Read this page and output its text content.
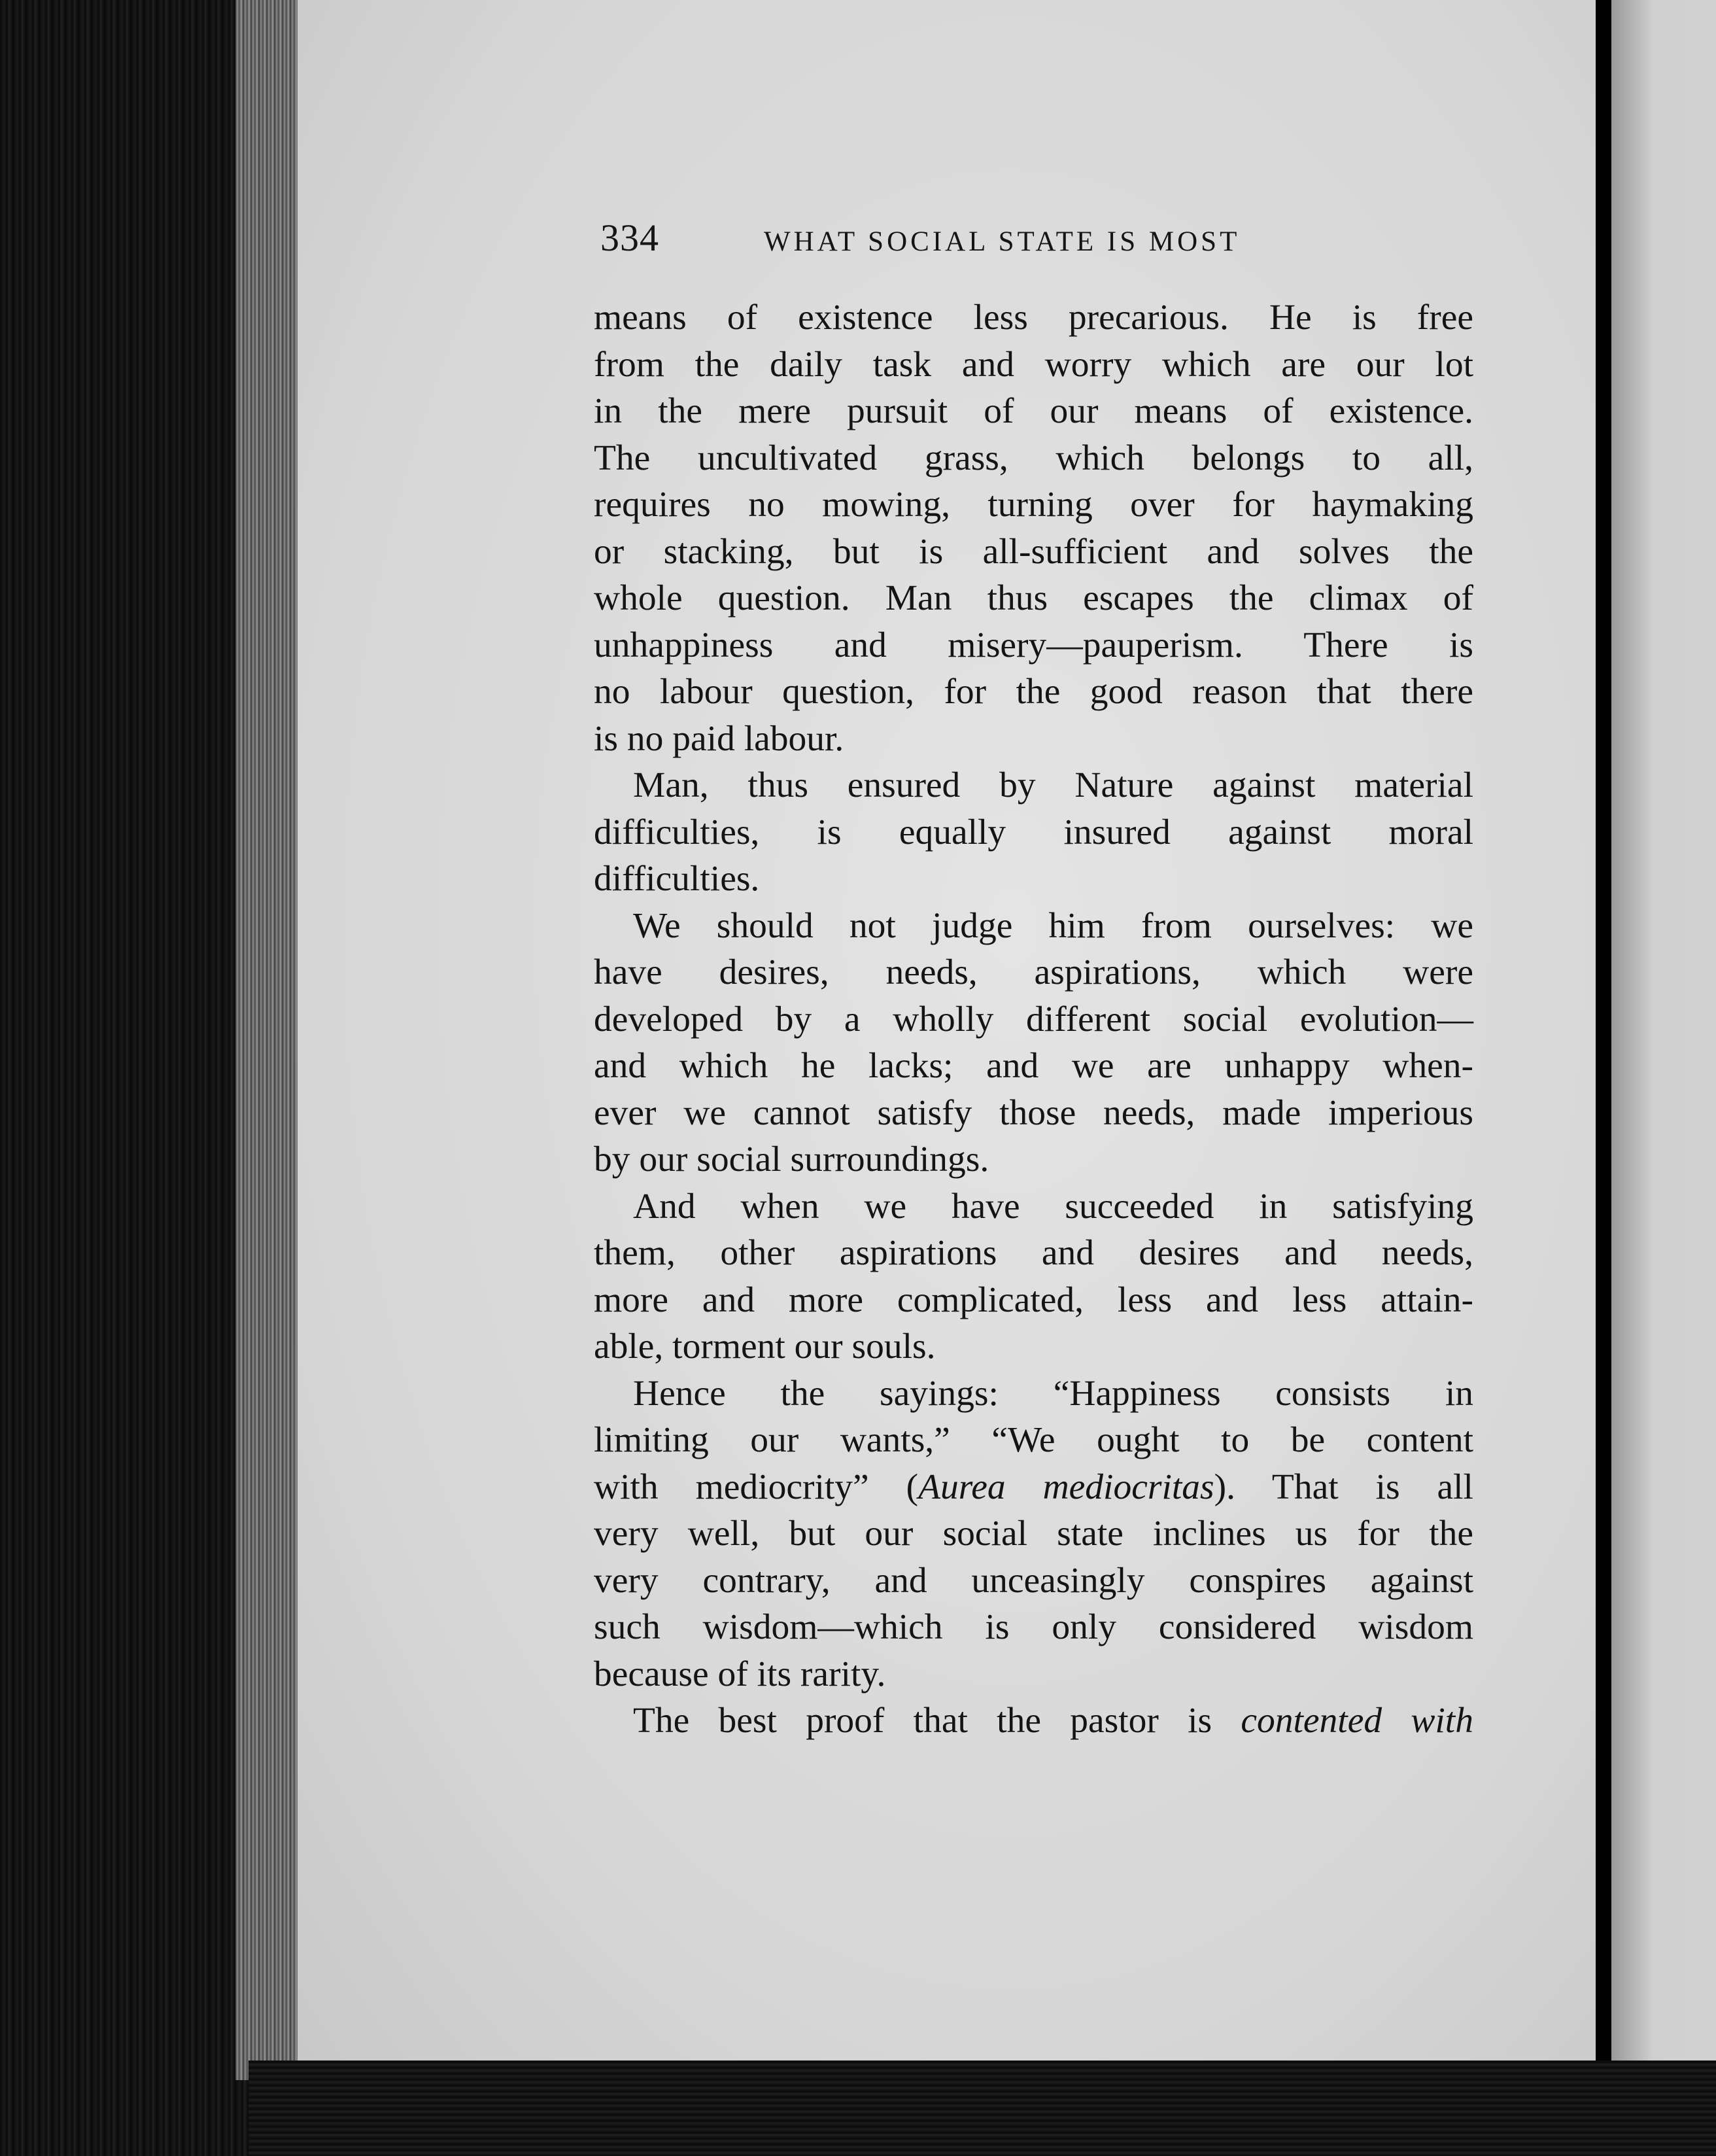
334	WHAT SOCIAL STATE IS MOST
means of existence less precarious. He is free
from the daily task and worry which are our lot
in the mere pursuit of our means of existence.
The uncultivated grass, which belongs to all,
requires no mowing, turning over for haymaking
or stacking, but is all-sufficient and solves the
whole question. Man thus escapes the climax of
unhappiness and misery—pauperism. There is
no labour question, for the good reason that there
is no paid labour.
Man, thus ensured by Nature against material
difficulties, is equally insured against moral
difficulties.
We should not judge him from ourselves: we
have desires, needs, aspirations, which were
developed by a wholly different social evolution—
and which he lacks; and we are unhappy when-
ever we cannot satisfy those needs, made imperious
by our social surroundings.
And when we have succeeded in satisfying
them, other aspirations and desires and needs,
more and more complicated, less and less attain-
able, torment our souls.
Hence the sayings: “Happiness consists in
limiting our wants,” “We ought to be content
with mediocrity” (Aurea mediocritas). That is all
very well, but our social state inclines us for the
very contrary, and unceasingly conspires against
such wisdom—which is only considered wisdom
because of its rarity.
The best proof that the pastor is contented with
